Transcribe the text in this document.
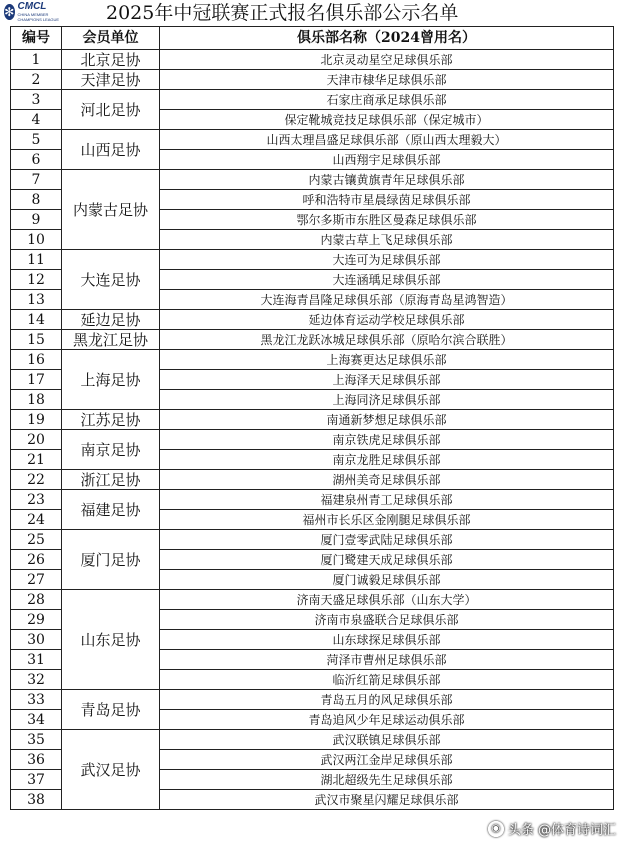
✻ CMCL
CHINA MEMBER CHAMPIONS LEAGUE	2025年中冠联赛正式报名俱乐部公示名单
编号	会员单位	俱乐部名称（2024曾用名）
1	北京足协	北京灵动星空足球俱乐部
2	天津足协	天津市棣华足球俱乐部
3	河北足协	石家庄商承足球俱乐部
4		保定靴城竞技足球俱乐部（保定城市）
5	山西足协	山西太理昌盛足球俱乐部（原山西太理毅大）
6		山西翔宇足球俱乐部
7	内蒙古足协	内蒙古镶黄旗青年足球俱乐部
8		呼和浩特市星晨绿茵足球俱乐部
9		鄂尔多斯市东胜区曼森足球俱乐部
10		内蒙古草上飞足球俱乐部
11	大连足协	大连可为足球俱乐部
12		大连涵瑀足球俱乐部
13		大连海青昌隆足球俱乐部（原海青岛星鸿智造）
14	延边足协	延边体育运动学校足球俱乐部
15	黑龙江足协	黑龙江龙跃冰城足球俱乐部（原哈尔滨合联胜）
16	上海足协	上海赛更达足球俱乐部
17		上海泽天足球俱乐部
18		上海同济足球俱乐部
19	江苏足协	南通新梦想足球俱乐部
20	南京足协	南京铁虎足球俱乐部
21		南京龙胜足球俱乐部
22	浙江足协	湖州美奇足球俱乐部
23	福建足协	福建泉州青工足球俱乐部
24		福州市长乐区金刚腿足球俱乐部
25	厦门足协	厦门壹零武陆足球俱乐部
26		厦门鹭建天成足球俱乐部
27		厦门诚毅足球俱乐部
28	山东足协	济南天盛足球俱乐部（山东大学）
29		济南市泉盛联合足球俱乐部
30		山东球探足球俱乐部
31		菏泽市曹州足球俱乐部
32		临沂红箭足球俱乐部
33	青岛足协	青岛五月的风足球俱乐部
34		青岛追风少年足球运动俱乐部
35	武汉足协	武汉联镇足球俱乐部
36		武汉两江金岸足球俱乐部
37		湖北超级先生足球俱乐部
38		武汉市聚星闪耀足球俱乐部
◉ 头条 @体育诗词汇
